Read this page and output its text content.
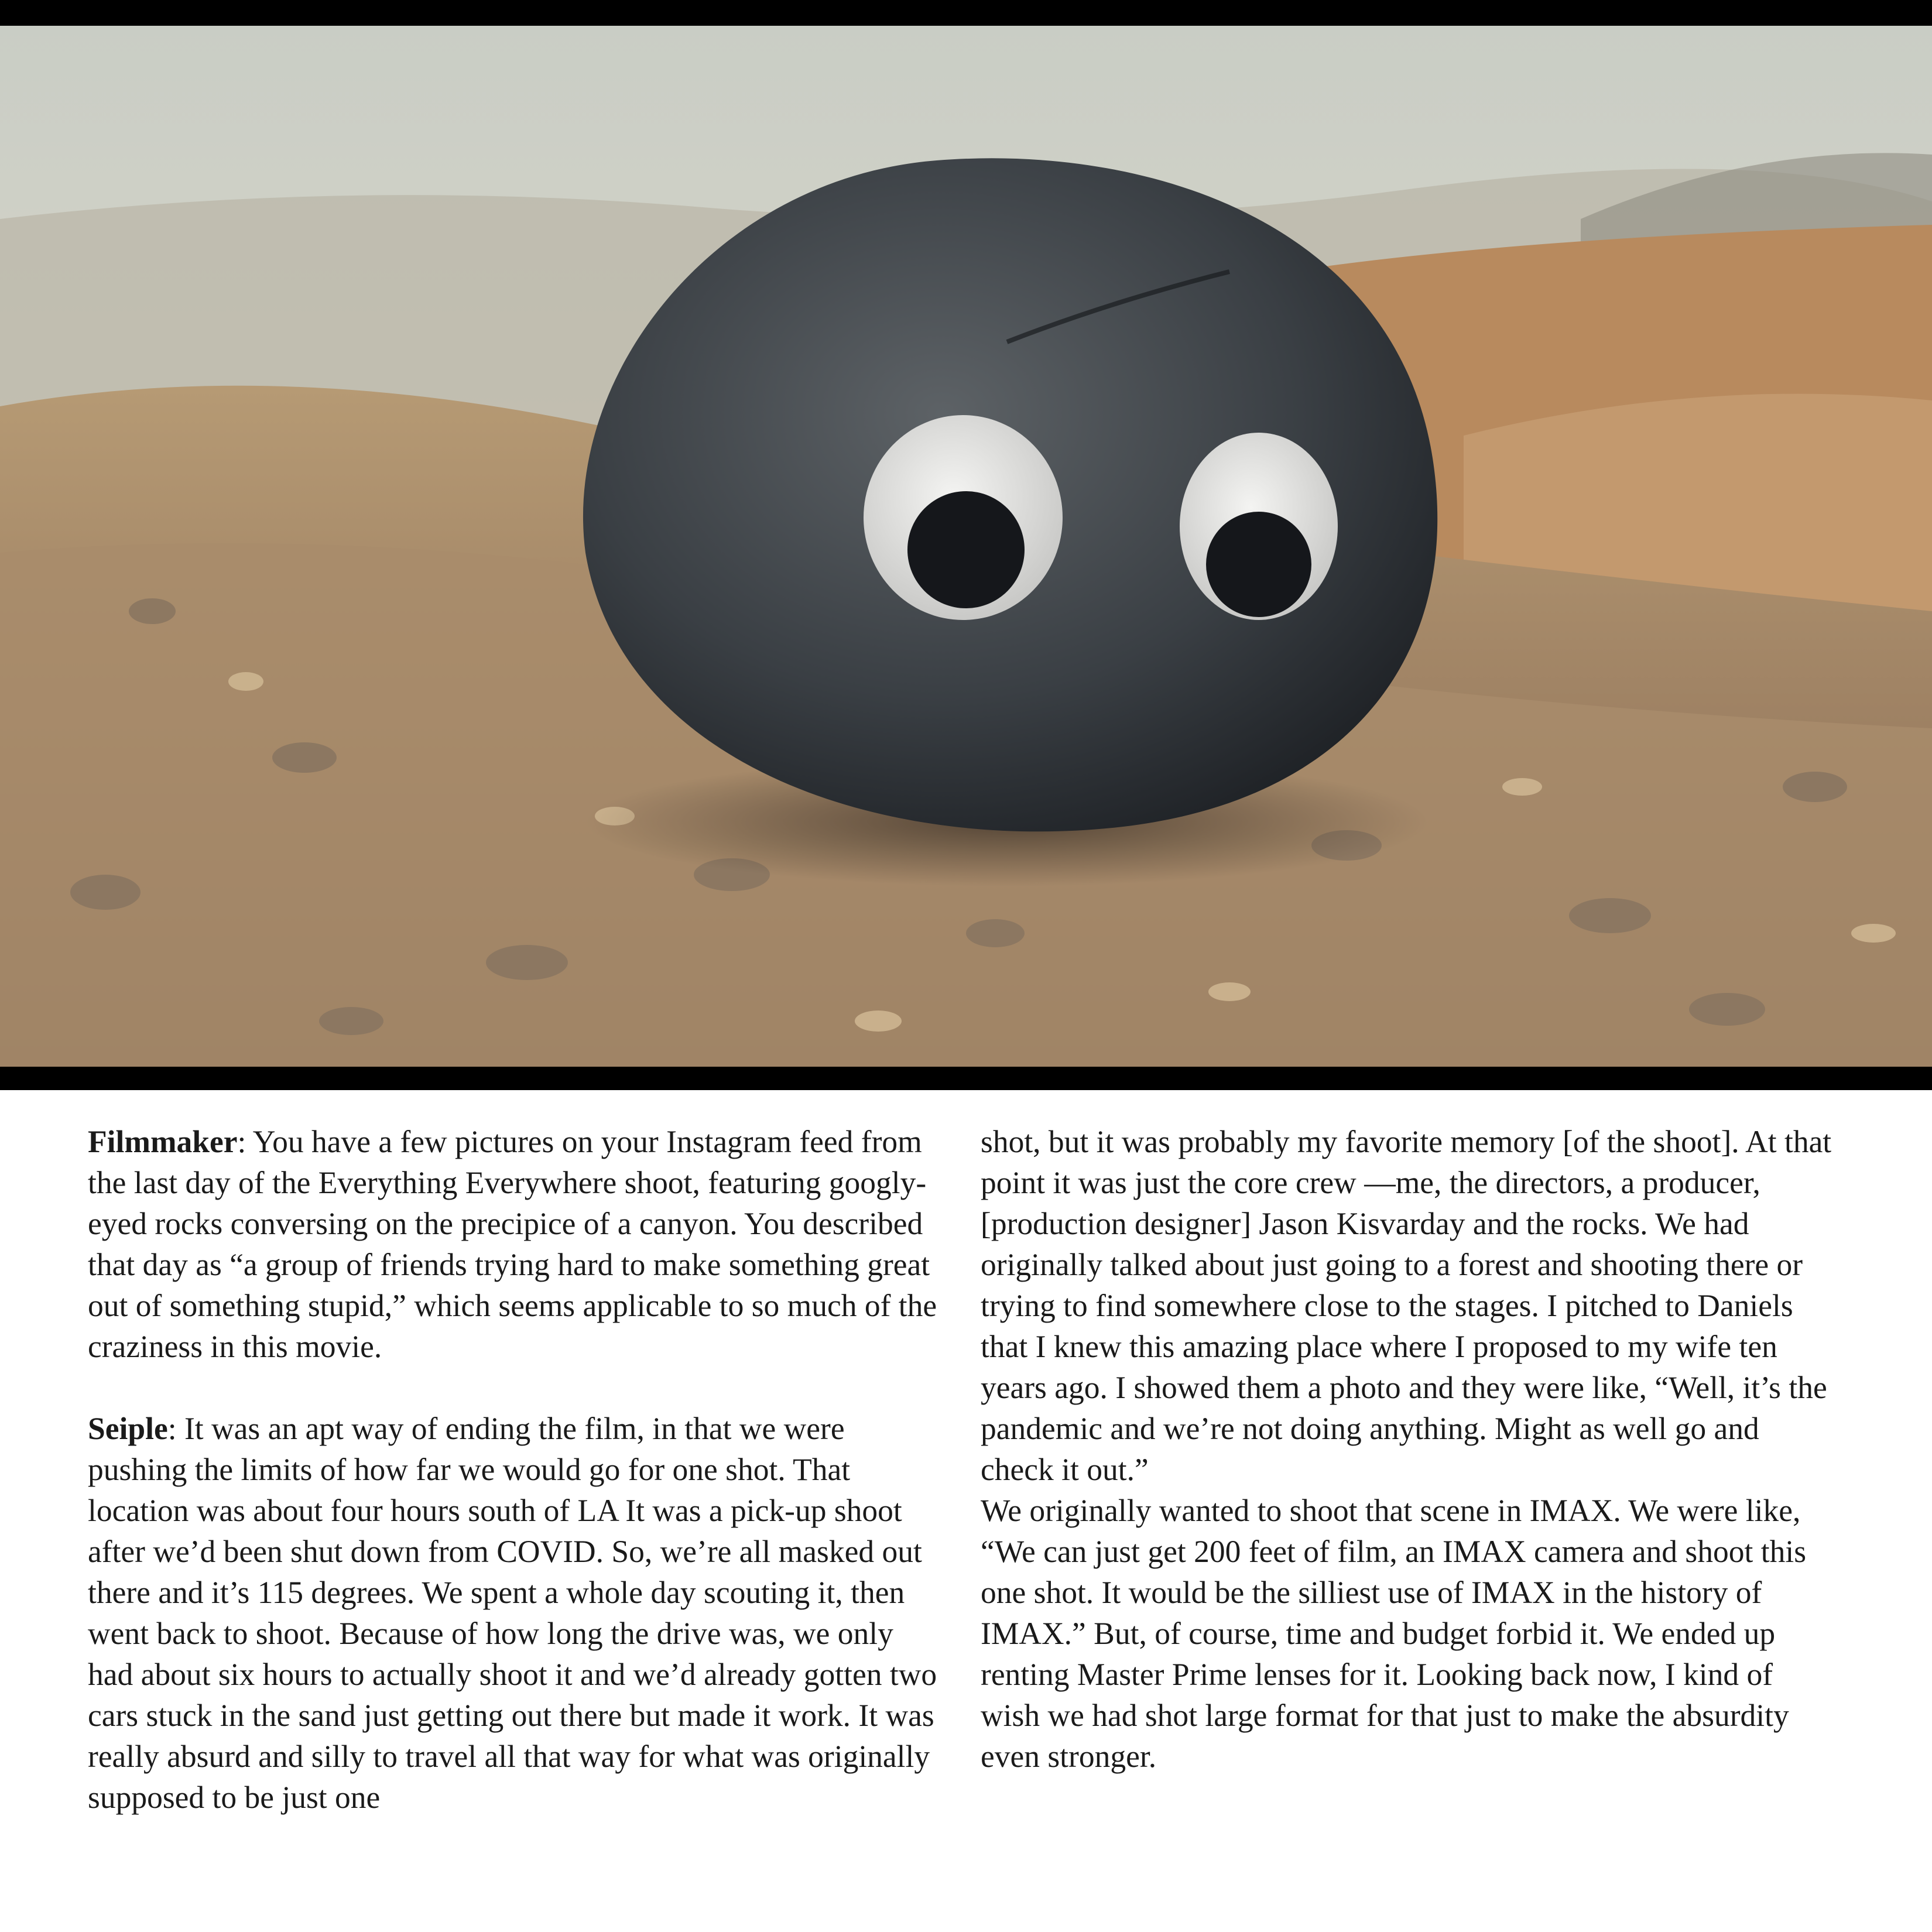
Filmmaker: You have a few pictures on your Instagram feed from the last day of the Everything Everywhere shoot, featuring googly-eyed rocks conversing on the precipice of a canyon. You described that day as “a group of friends trying hard to make something great out of something stupid,” which seems applicable to so much of the craziness in this movie.

Seiple: It was an apt way of ending the film, in that we were pushing the limits of how far we would go for one shot. That location was about four hours south of LA It was a pick-up shoot after we’d been shut down from COVID. So, we’re all masked out there and it’s 115 degrees. We spent a whole day scouting it, then went back to shoot. Because of how long the drive was, we only had about six hours to actually shoot it and we’d already gotten two cars stuck in the sand just getting out there but made it work. It was really absurd and silly to travel all that way for what was originally supposed to be just one

shot, but it was probably my favorite memory [of the shoot]. At that point it was just the core crew —me, the directors, a producer, [production designer] Jason Kisvarday and the rocks. We had originally talked about just going to a forest and shooting there or trying to find somewhere close to the stages. I pitched to Daniels that I knew this amazing place where I proposed to my wife ten years ago. I showed them a photo and they were like, “Well, it’s the pandemic and we’re not doing anything. Might as well go and check it out.”

We originally wanted to shoot that scene in IMAX. We were like, “We can just get 200 feet of film, an IMAX camera and shoot this one shot. It would be the silliest use of IMAX in the history of IMAX.” But, of course, time and budget forbid it. We ended up renting Master Prime lenses for it. Looking back now, I kind of wish we had shot large format for that just to make the absurdity even stronger.
